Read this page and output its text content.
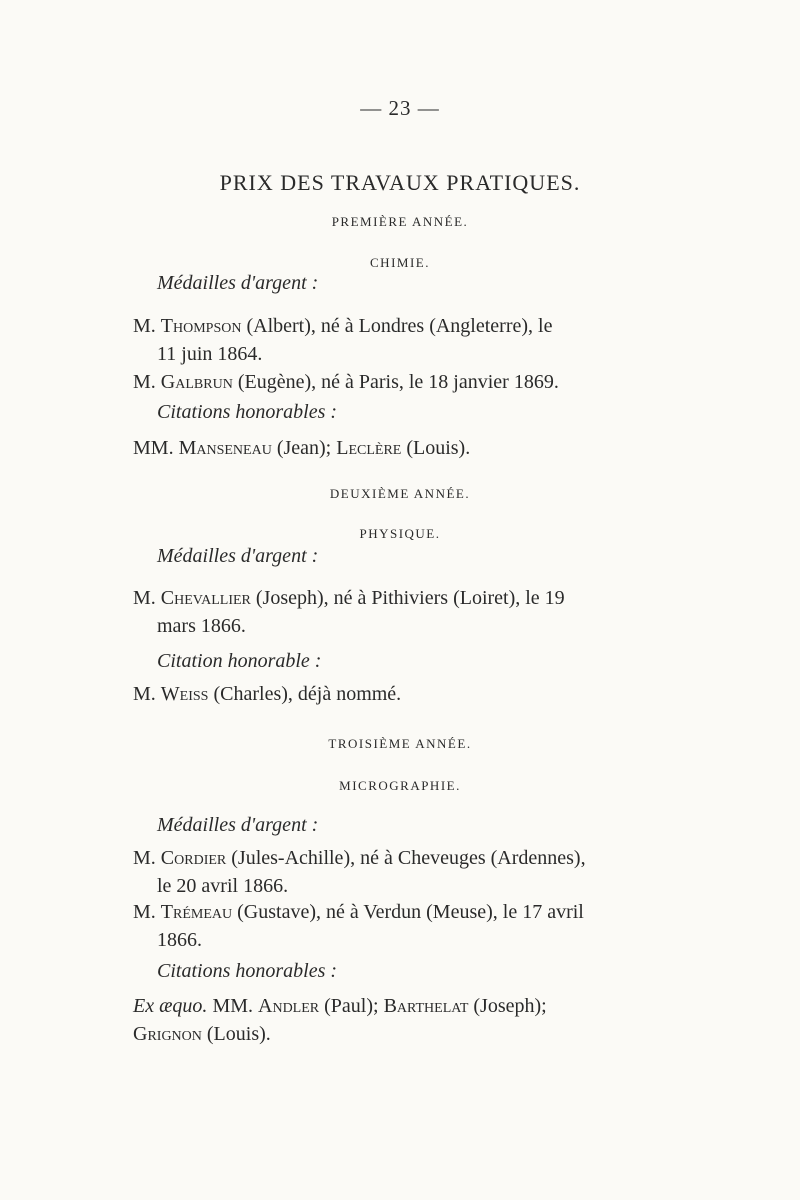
— 23 —
PRIX DES TRAVAUX PRATIQUES.
PREMIÈRE ANNÉE.
CHIMIE.
Médailles d'argent :
M. Thompson (Albert), né à Londres (Angleterre), le
11 juin 1864.
M. Galbrun (Eugène), né à Paris, le 18 janvier 1869.
Citations honorables :
MM. Manseneau (Jean); Leclère (Louis).
DEUXIÈME ANNÉE.
PHYSIQUE.
Médailles d'argent :
M. Chevallier (Joseph), né à Pithiviers (Loiret), le 19
mars 1866.
Citation honorable :
M. Weiss (Charles), déjà nommé.
TROISIÈME ANNÉE.
MICROGRAPHIE.
Médailles d'argent :
M. Cordier (Jules-Achille), né à Cheveuges (Ardennes),
le 20 avril 1866.
M. Trémeau (Gustave), né à Verdun (Meuse), le 17 avril
1866.
Citations honorables :
Ex æquo. MM. Andler (Paul); Barthelat (Joseph);
Grignon (Louis).
